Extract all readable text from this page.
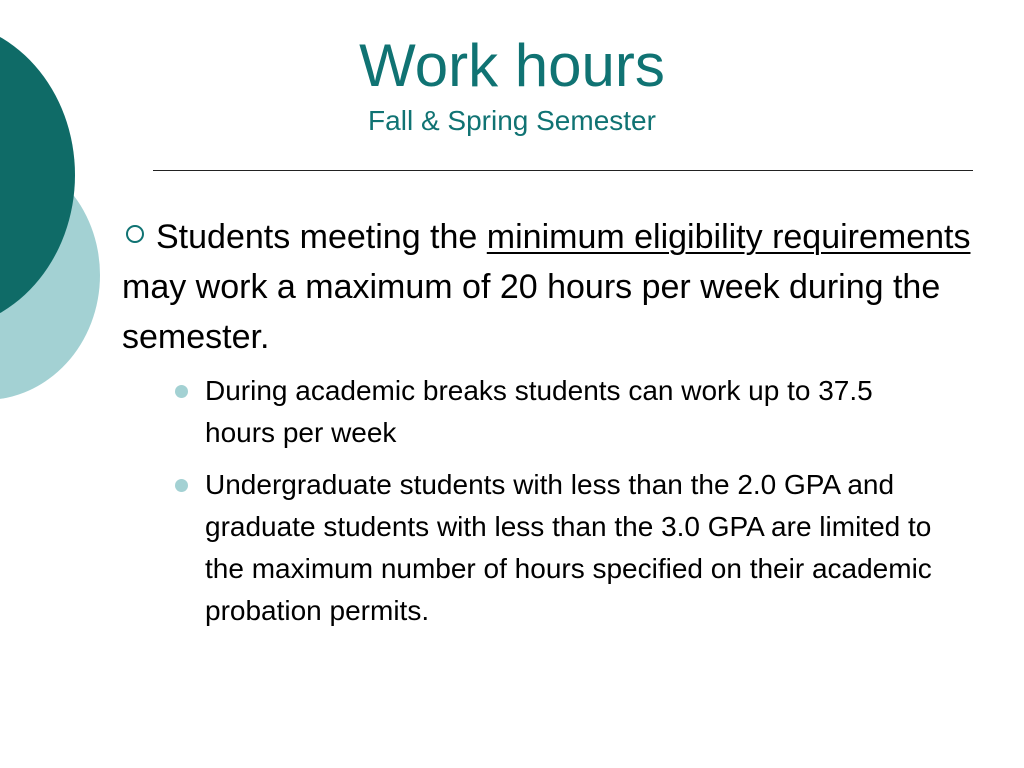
Work hours
Fall & Spring Semester

Students meeting the minimum eligibility requirements may work a maximum of 20 hours per week during the semester.

During academic breaks students can work up to 37.5 hours per week
Undergraduate students with less than the 2.0 GPA and graduate students with less than the 3.0 GPA are limited to the maximum number of hours specified on their academic probation permits.
